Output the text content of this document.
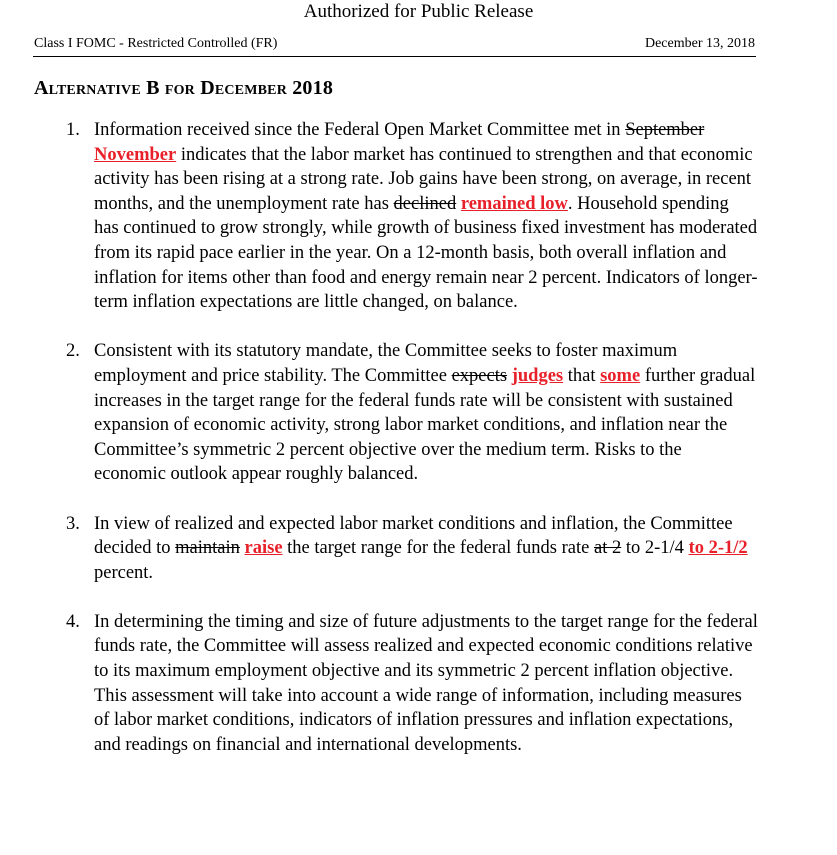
Authorized for Public Release
Class I FOMC - Restricted Controlled (FR)	December 13, 2018
Alternative B for December 2018
1. Information received since the Federal Open Market Committee met in September November indicates that the labor market has continued to strengthen and that economic activity has been rising at a strong rate. Job gains have been strong, on average, in recent months, and the unemployment rate has declined remained low. Household spending has continued to grow strongly, while growth of business fixed investment has moderated from its rapid pace earlier in the year. On a 12-month basis, both overall inflation and inflation for items other than food and energy remain near 2 percent. Indicators of longer-term inflation expectations are little changed, on balance.
2. Consistent with its statutory mandate, the Committee seeks to foster maximum employment and price stability. The Committee expects judges that some further gradual increases in the target range for the federal funds rate will be consistent with sustained expansion of economic activity, strong labor market conditions, and inflation near the Committee’s symmetric 2 percent objective over the medium term. Risks to the economic outlook appear roughly balanced.
3. In view of realized and expected labor market conditions and inflation, the Committee decided to maintain raise the target range for the federal funds rate at 2 to 2-1/4 to 2-1/2 percent.
4. In determining the timing and size of future adjustments to the target range for the federal funds rate, the Committee will assess realized and expected economic conditions relative to its maximum employment objective and its symmetric 2 percent inflation objective. This assessment will take into account a wide range of information, including measures of labor market conditions, indicators of inflation pressures and inflation expectations, and readings on financial and international developments.
